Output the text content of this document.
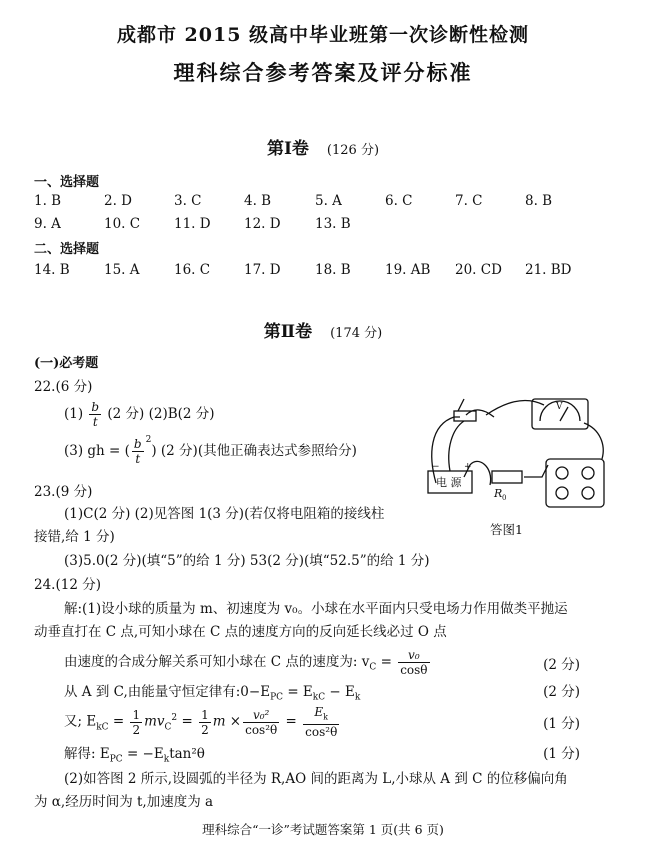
成都市 2015 级高中毕业班第一次诊断性检测
理科综合参考答案及评分标准
第Ⅰ卷 (126 分)
一、选择题
1. B	2. D	3. C	4. B	5. A	6. C	7. C	8. B
9. A	10. C	11. D 12. D	13. B
二、选择题
14. B	15. A	16. C	17. D	18. B	19. AB 20. CD 21. BD
第Ⅱ卷 (174 分)
(一)必考题
22.(6 分)
$(1) \frac{b}{t} (2$ 分) (2)B(2 分)
(3) gh = ( $\frac{b}{t} ^2$) (2 分)(其他正确表达式参照给分)
23.(9 分)
(1)C(2 分) (2)见答图 1(3 分)(若仅将电阻箱的接线柱
接错,给 1 分)
(3)5.0(2 分)(填“5”的给 1 分) 53(2 分)(填“52.5”的给 1 分)
电 源
R 0
V
−	+
答图1
24.(12 分)
解:(1)设小球的质量为 m、初速度为 v₀。小球在水平面内只受电场力作用做类平抛运
动垂直打在 C 点,可知小球在 C 点的速度方向的反向延长线必过 O 点
由速度的合成分解关系可知小球在 C 点的速度为: $v_C = \frac{\text{v₀}}{\cos\theta}$	(2 分)
从 A 到 C,由能量守恒定律有$:0-E_{PC} = E_{kC} - E_k$	(2 分)
又; $E_{kC} = \frac{1}{2} mv_C^2 = \frac{1}{2}$ $m \times \frac{\text{v₀²}}{\text{cos²θ}} = \frac{E_k}{\text{cos²θ}}$	(1 分)
解得: $E_{PC} = -E_k\tan^2\theta$	(1 分)
(2)如答图 2 所示,设圆弧的半径为 R,AO 间的距离为 L,小球从 A 到 C 的位移偏向角
为 α,经历时间为 t,加速度为 a
理科综合“一诊”考试题答案第 1 页(共 6 页)
